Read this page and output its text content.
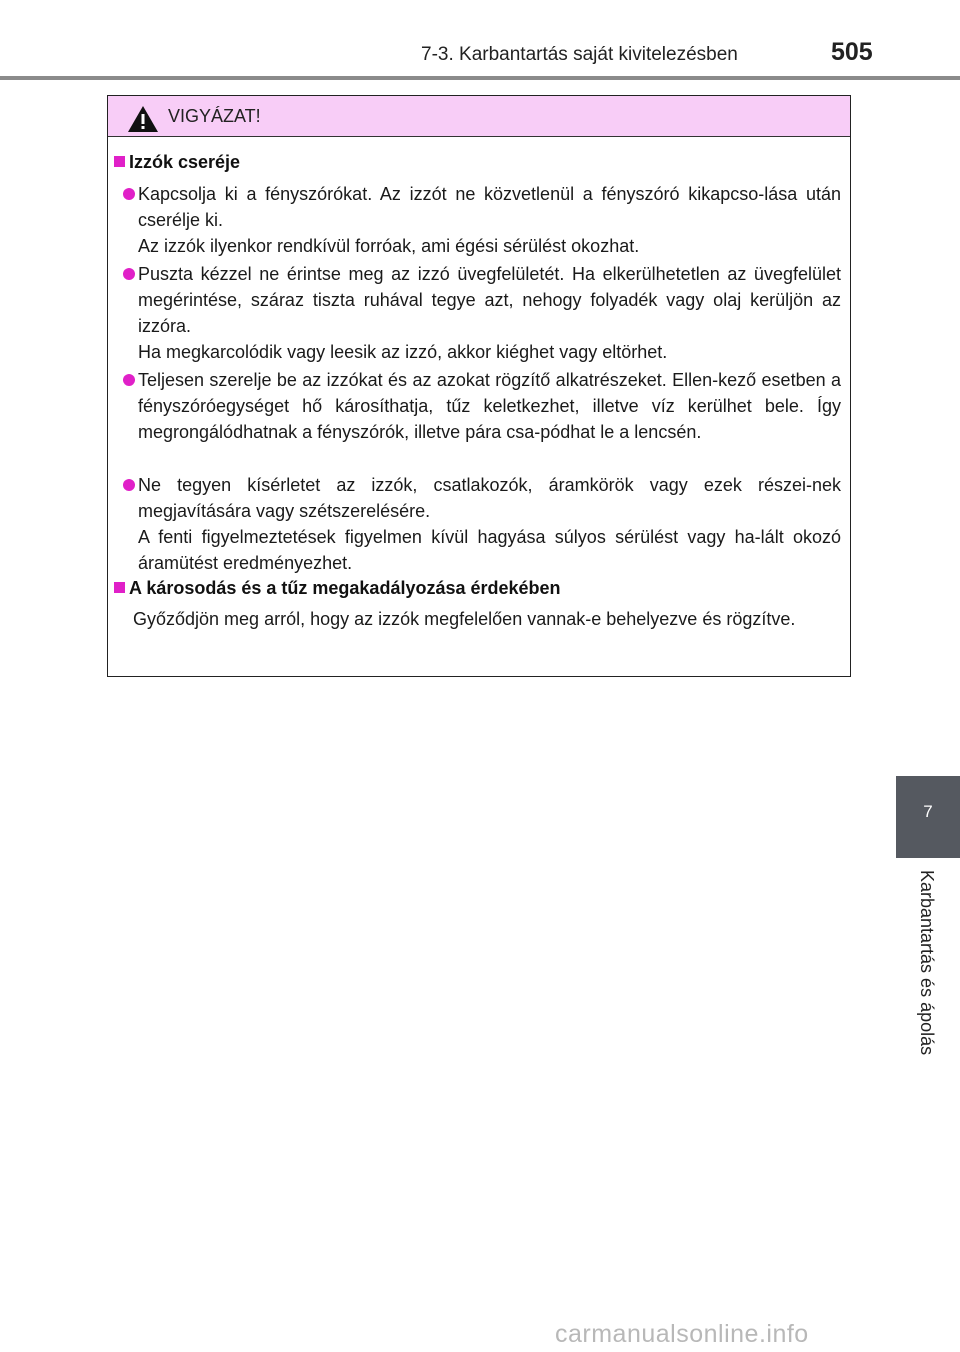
7-3. Karbantartás saját kivitelezésben	505
VIGYÁZAT!
Izzók cseréje

Kapcsolja ki a fényszórókat. Az izzót ne közvetlenül a fényszóró kikapcso-lása után cserélje ki.

Az izzók ilyenkor rendkívül forróak, ami égési sérülést okozhat.

Puszta kézzel ne érintse meg az izzó üvegfelületét. Ha elkerülhetetlen az üvegfelület megérintése, száraz tiszta ruhával tegye azt, nehogy folyadék vagy olaj kerüljön az izzóra.

Ha megkarcolódik vagy leesik az izzó, akkor kiéghet vagy eltörhet.

Teljesen szerelje be az izzókat és az azokat rögzítő alkatrészeket. Ellen-kező esetben a fényszóróegységet hő károsíthatja, tűz keletkezhet, illetve víz kerülhet bele. Így megrongálódhatnak a fényszórók, illetve pára csa-pódhat le a lencsén.

Ne tegyen kísérletet az izzók, csatlakozók, áramkörök vagy ezek részei-nek megjavítására vagy szétszerelésére.

A fenti figyelmeztetések figyelmen kívül hagyása súlyos sérülést vagy ha-lált okozó áramütést eredményezhet.

A károsodás és a tűz megakadályozása érdekében
Győződjön meg arról, hogy az izzók megfelelően vannak-e behelyezve és rögzítve.
7
Karbantartás és ápolás
carmanualsonline.info
